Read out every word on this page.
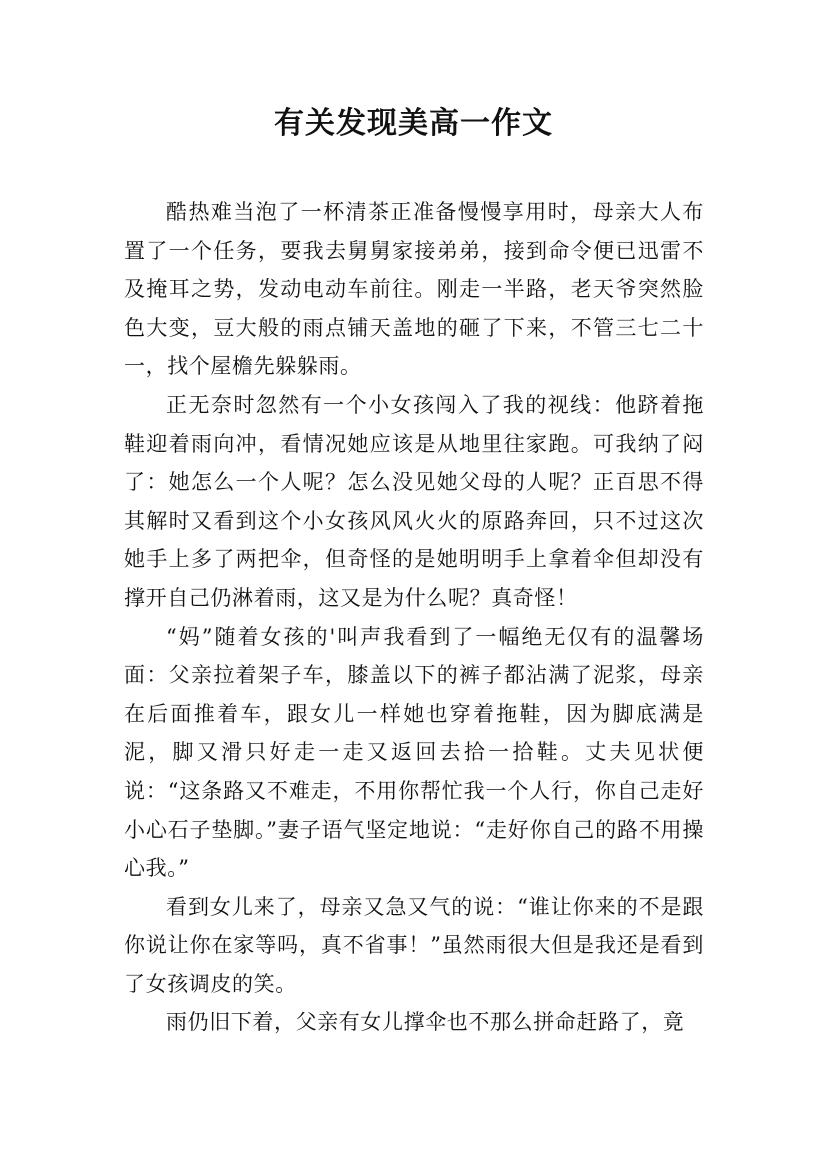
有关发现美高一作文

酷热难当泡了一杯清茶正准备慢慢享用时，母亲大人布置了一个任务，要我去舅舅家接弟弟，接到命令便已迅雷不及掩耳之势，发动电动车前往。刚走一半路，老天爷突然脸色大变，豆大般的雨点铺天盖地的砸了下来，不管三七二十一，找个屋檐先躲躲雨。

正无奈时忽然有一个小女孩闯入了我的视线：他跻着拖鞋迎着雨向冲，看情况她应该是从地里往家跑。可我纳了闷了：她怎么一个人呢？怎么没见她父母的人呢？正百思不得其解时又看到这个小女孩风风火火的原路奔回，只不过这次她手上多了两把伞，但奇怪的是她明明手上拿着伞但却没有撑开自己仍淋着雨，这又是为什么呢？真奇怪！

“妈”随着女孩的'叫声我看到了一幅绝无仅有的温馨场面：父亲拉着架子车，膝盖以下的裤子都沾满了泥浆，母亲在后面推着车，跟女儿一样她也穿着拖鞋，因为脚底满是泥，脚又滑只好走一走又返回去拾一拾鞋。丈夫见状便说：“这条路又不难走，不用你帮忙我一个人行，你自己走好小心石子垫脚。”妻子语气坚定地说：“走好你自己的路不用操心我。”

看到女儿来了，母亲又急又气的说：“谁让你来的不是跟你说让你在家等吗，真不省事！”虽然雨很大但是我还是看到了女孩调皮的笑。

雨仍旧下着，父亲有女儿撑伞也不那么拼命赶路了，竟
